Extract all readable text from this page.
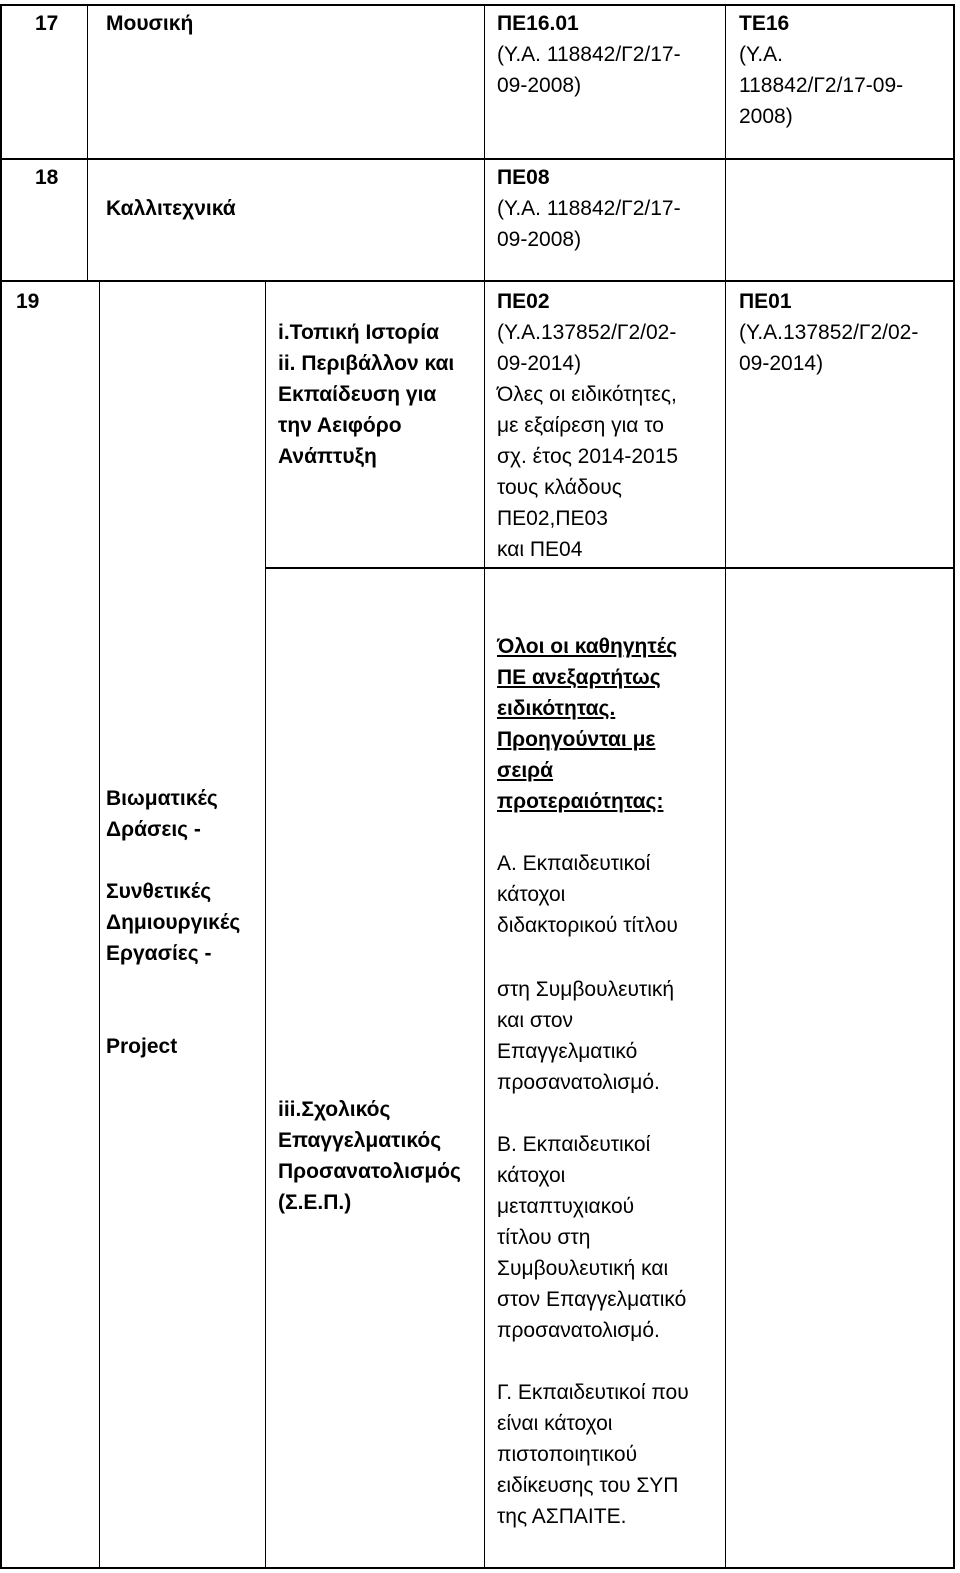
17 Μουσική	ΠΕ16.01
(Υ.Α. 118842/Γ2/17-
09-2008)
ΤΕ16
(Υ.Α.
118842/Γ2/17-09-
2008)
18
Καλλιτεχνικά
ΠΕ08
(Υ.Α. 118842/Γ2/17-
09-2008)
19
Βιωματικές
Δράσεις -
Συνθετικές
Δημιουργικές
Εργασίες -
Project
i.Τοπική Ιστορία
ii. Περιβάλλον και
Εκπαίδευση για
την Αειφόρο
Ανάπτυξη
ΠΕ02
(Υ.Α.137852/Γ2/02-
09-2014)
Όλες οι ειδικότητες,
με εξαίρεση για το
σχ. έτος 2014-2015
τους κλάδους
ΠΕ02,ΠΕ03
και ΠΕ04
ΠΕ01
(Υ.Α.137852/Γ2/02-
09-2014)
iii.Σχολικός
Επαγγελματικός
Προσανατολισμός
(Σ.Ε.Π.)
Όλοι οι καθηγητές
ΠΕ ανεξαρτήτως
ειδικότητας.
Προηγούνται με
σειρά
προτεραιότητας:
Α. Εκπαιδευτικοί
κάτοχοι
διδακτορικού τίτλου
στη Συμβουλευτική
και στον
Επαγγελματικό
προσανατολισμό.
Β. Εκπαιδευτικοί
κάτοχοι
μεταπτυχιακού
τίτλου στη
Συμβουλευτική και
στον Επαγγελματικό
προσανατολισμό.
Γ. Εκπαιδευτικοί που
είναι κάτοχοι
πιστοποιητικού
ειδίκευσης του ΣΥΠ
της ΑΣΠΑΙΤΕ.
